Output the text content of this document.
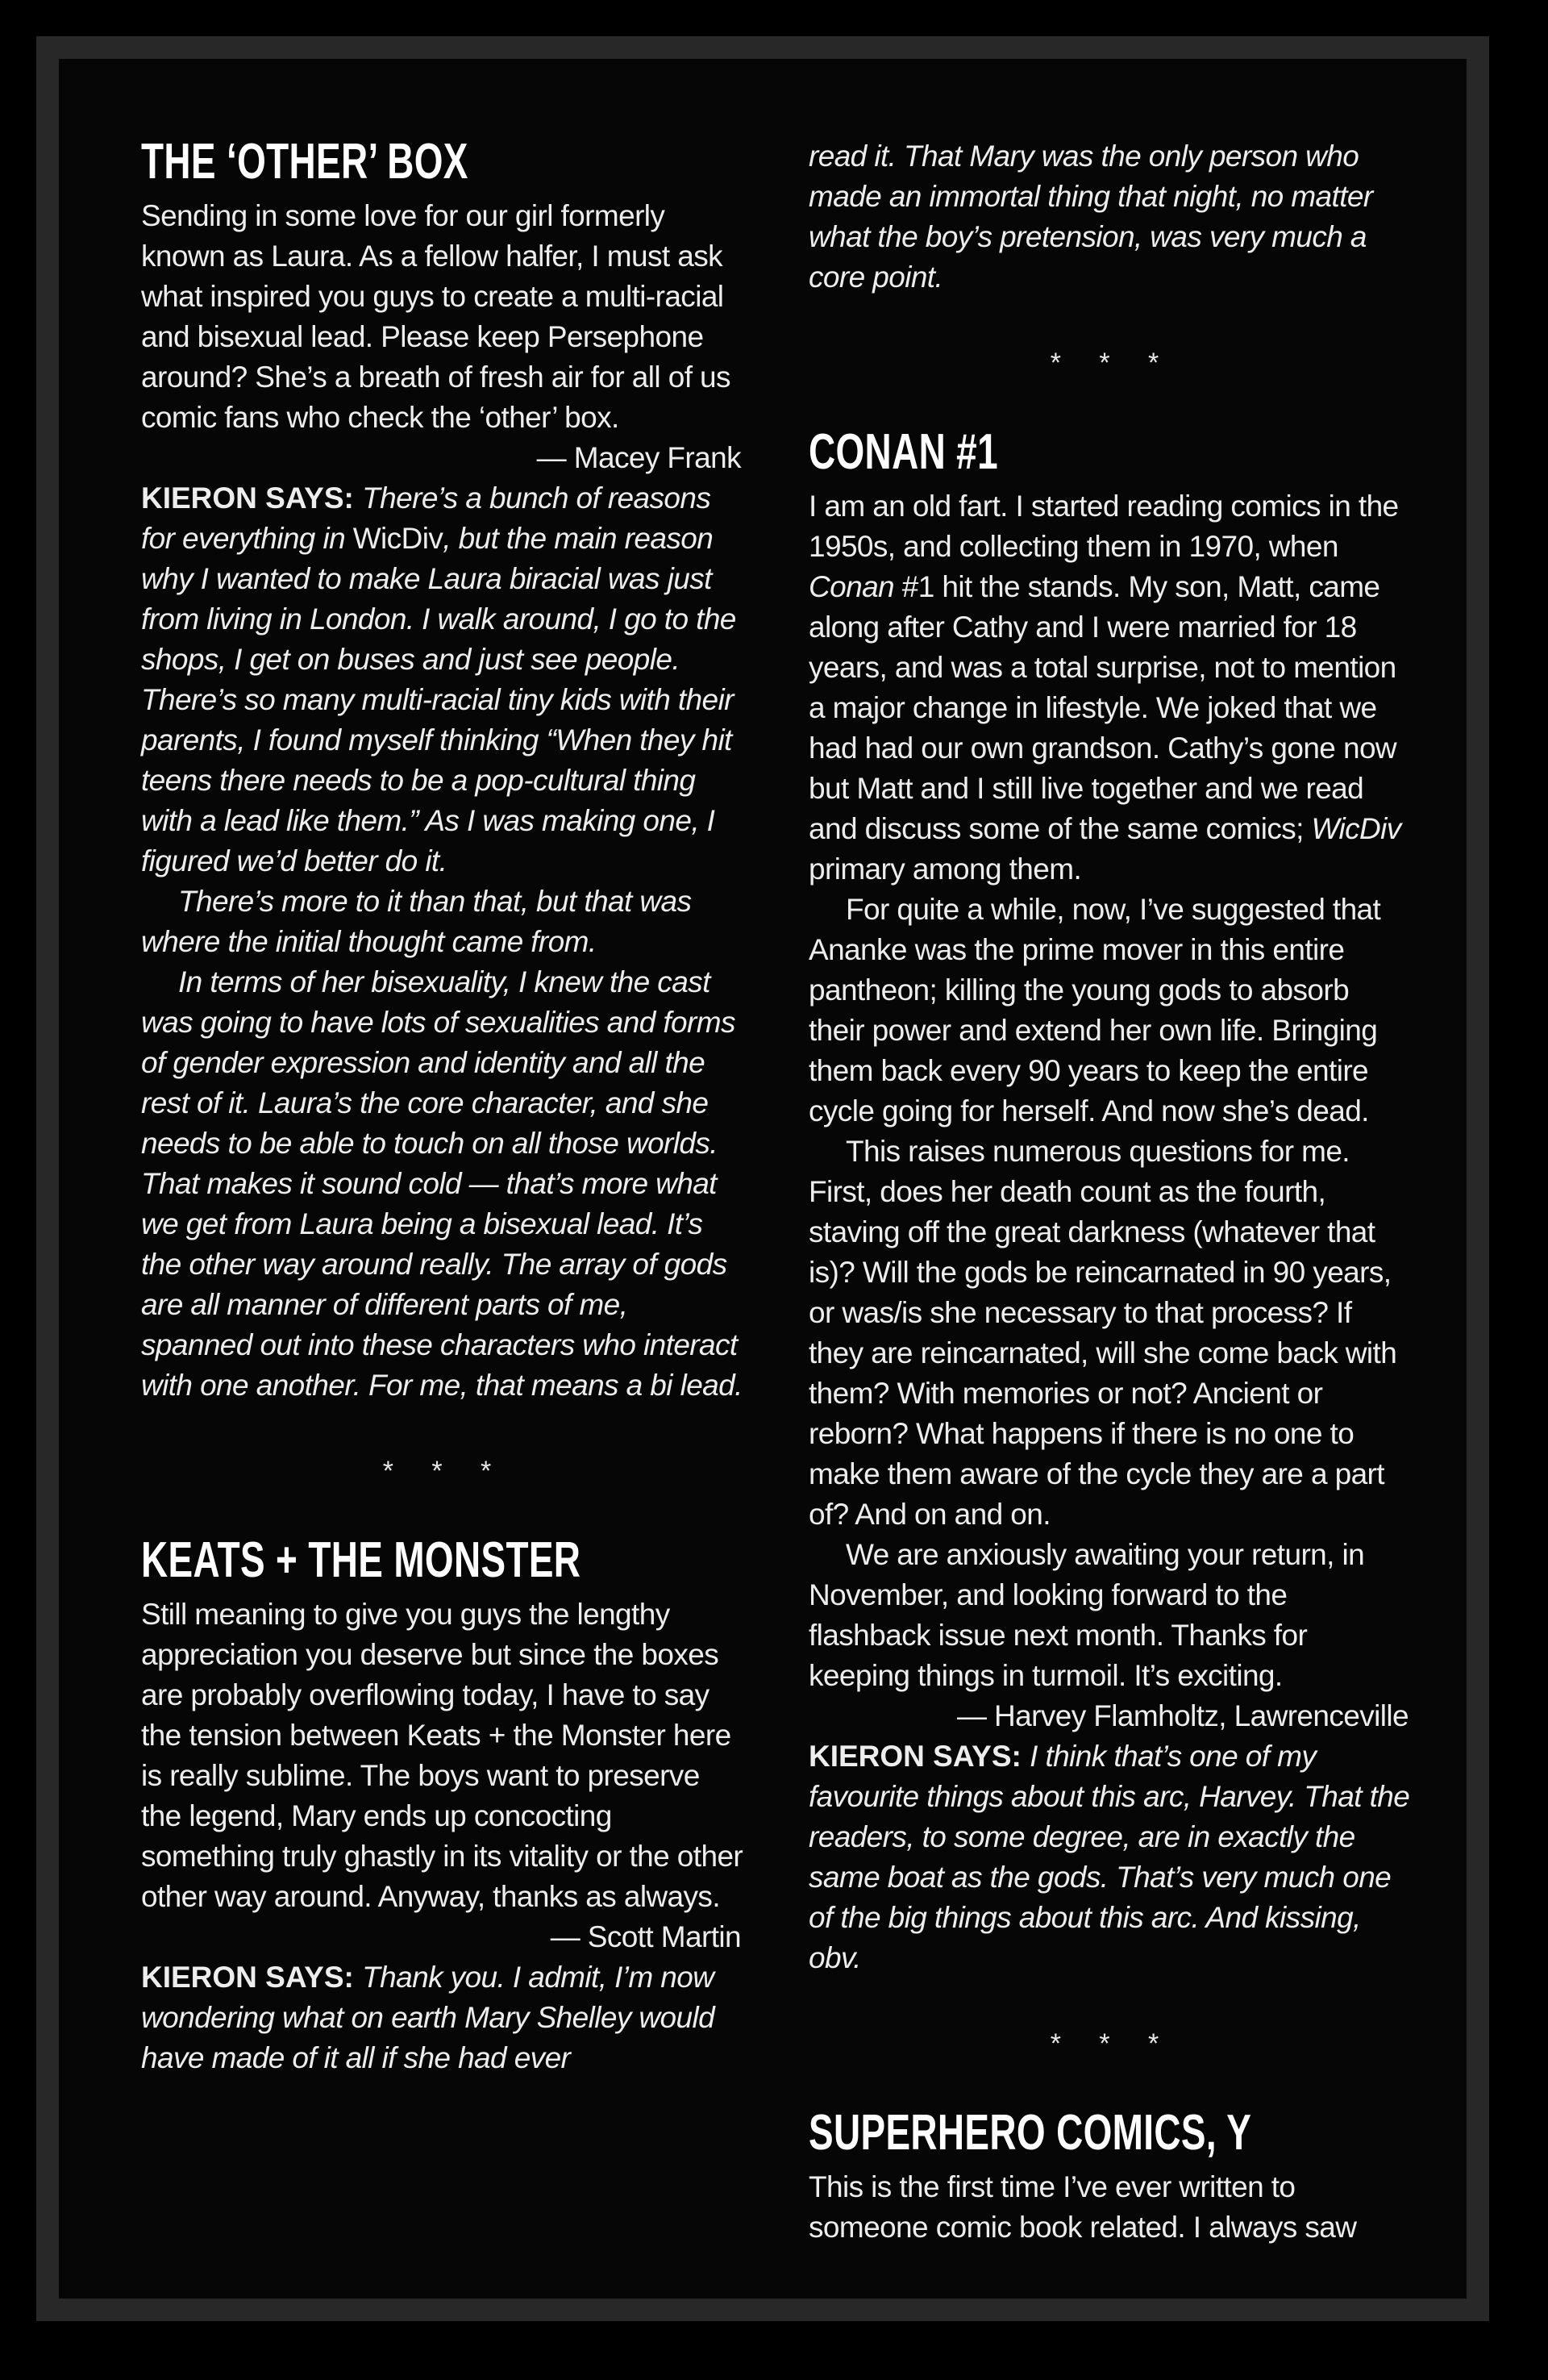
THE ‘OTHER’ BOX

Sending in some love for our girl formerly known as Laura. As a fellow halfer, I must ask what inspired you guys to create a multi-racial and bisexual lead. Please keep Persephone around? She’s a breath of fresh air for all of us comic fans who check the ‘other’ box.

— Macey Frank

KIERON SAYS: There’s a bunch of reasons for everything in WicDiv, but the main reason why I wanted to make Laura biracial was just from living in London. I walk around, I go to the shops, I get on buses and just see people. There’s so many multi-racial tiny kids with their parents, I found myself thinking “When they hit teens there needs to be a pop-cultural thing with a lead like them.” As I was making one, I figured we’d better do it.

There’s more to it than that, but that was where the initial thought came from.

In terms of her bisexuality, I knew the cast was going to have lots of sexualities and forms of gender expression and identity and all the rest of it. Laura’s the core character, and she needs to be able to touch on all those worlds. That makes it sound cold — that’s more what we get from Laura being a bisexual lead. It’s the other way around really. The array of gods are all manner of different parts of me, spanned out into these characters who interact with one another. For me, that means a bi lead.

* * *
KEATS + THE MONSTER

Still meaning to give you guys the lengthy appreciation you deserve but since the boxes are probably overflowing today, I have to say the tension between Keats + the Monster here is really sublime. The boys want to preserve the legend, Mary ends up concocting something truly ghastly in its vitality or the other other way around. Anyway, thanks as always.

— Scott Martin

KIERON SAYS: Thank you. I admit, I’m now wondering what on earth Mary Shelley would have made of it all if she had ever

read it. That Mary was the only person who made an immortal thing that night, no matter what the boy’s pretension, was very much a core point.

* * *
CONAN #1

I am an old fart. I started reading comics in the 1950s, and collecting them in 1970, when Conan #1 hit the stands. My son, Matt, came along after Cathy and I were married for 18 years, and was a total surprise, not to mention a major change in lifestyle. We joked that we had had our own grandson. Cathy’s gone now but Matt and I still live together and we read and discuss some of the same comics; WicDiv primary among them.

For quite a while, now, I’ve suggested that Ananke was the prime mover in this entire pantheon; killing the young gods to absorb their power and extend her own life. Bringing them back every 90 years to keep the entire cycle going for herself. And now she’s dead.

This raises numerous questions for me. First, does her death count as the fourth, staving off the great darkness (whatever that is)? Will the gods be reincarnated in 90 years, or was/is she necessary to that process? If they are reincarnated, will she come back with them? With memories or not? Ancient or reborn? What happens if there is no one to make them aware of the cycle they are a part of? And on and on.

We are anxiously awaiting your return, in November, and looking forward to the flashback issue next month. Thanks for keeping things in turmoil. It’s exciting.

— Harvey Flamholtz, Lawrenceville

KIERON SAYS: I think that’s one of my favourite things about this arc, Harvey. That the readers, to some degree, are in exactly the same boat as the gods. That’s very much one of the big things about this arc. And kissing, obv.

* * *
SUPERHERO COMICS, Y

This is the first time I’ve ever written to someone comic book related. I always saw
